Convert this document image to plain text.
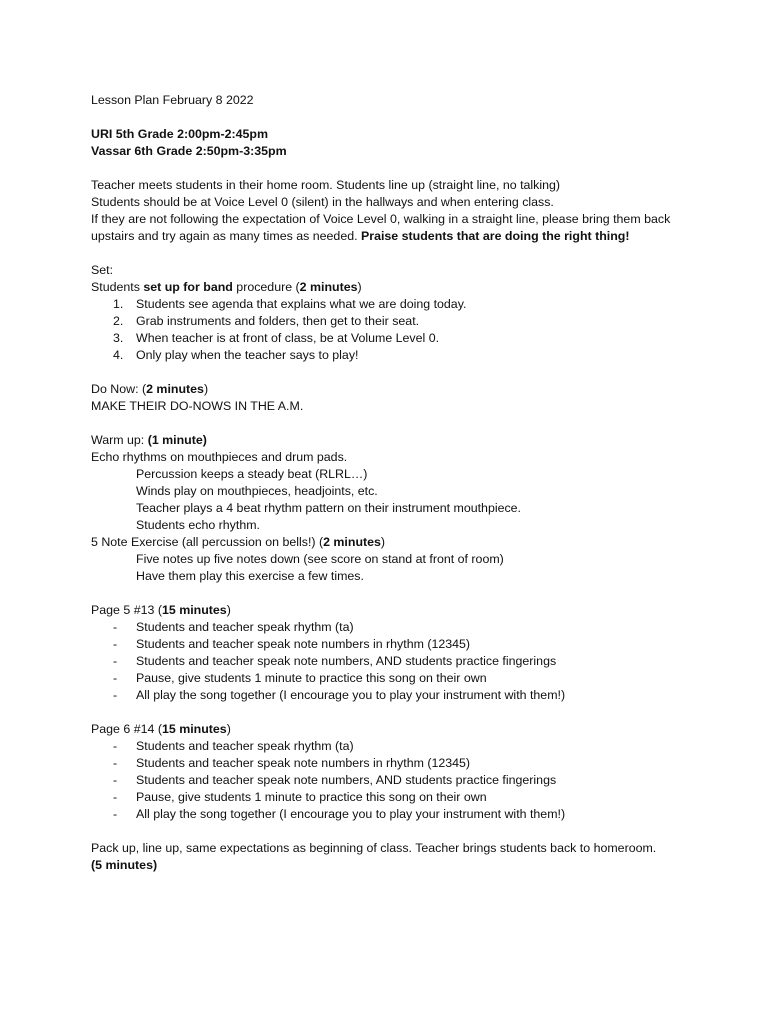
Lesson Plan February 8 2022

URI 5th Grade 2:00pm-2:45pm

Vassar 6th Grade 2:50pm-3:35pm

Teacher meets students in their home room. Students line up (straight line, no talking)

Students should be at Voice Level 0 (silent) in the hallways and when entering class.

If they are not following the expectation of Voice Level 0, walking in a straight line, please bring them back

upstairs and try again as many times as needed. Praise students that are doing the right thing!

Set:

Students set up for band procedure (2 minutes)

1.	Students see agenda that explains what we are doing today.
2.	Grab instruments and folders, then get to their seat.
3.	When teacher is at front of class, be at Volume Level 0.
4.	Only play when the teacher says to play!

Do Now: (2 minutes)

MAKE THEIR DO-NOWS IN THE A.M.

Warm up: (1 minute)

Echo rhythms on mouthpieces and drum pads.

Percussion keeps a steady beat (RLRL…)

Winds play on mouthpieces, headjoints, etc.

Teacher plays a 4 beat rhythm pattern on their instrument mouthpiece.

Students echo rhythm.

5 Note Exercise (all percussion on bells!) (2 minutes)

Five notes up five notes down (see score on stand at front of room)

Have them play this exercise a few times.

Page 5 #13 (15 minutes)

-	Students and teacher speak rhythm (ta)
-	Students and teacher speak note numbers in rhythm (12345)
-	Students and teacher speak note numbers, AND students practice fingerings
-	Pause, give students 1 minute to practice this song on their own
-	All play the song together (I encourage you to play your instrument with them!)

Page 6 #14 (15 minutes)

-	Students and teacher speak rhythm (ta)
-	Students and teacher speak note numbers in rhythm (12345)
-	Students and teacher speak note numbers, AND students practice fingerings
-	Pause, give students 1 minute to practice this song on their own
-	All play the song together (I encourage you to play your instrument with them!)

Pack up, line up, same expectations as beginning of class. Teacher brings students back to homeroom.

(5 minutes)
